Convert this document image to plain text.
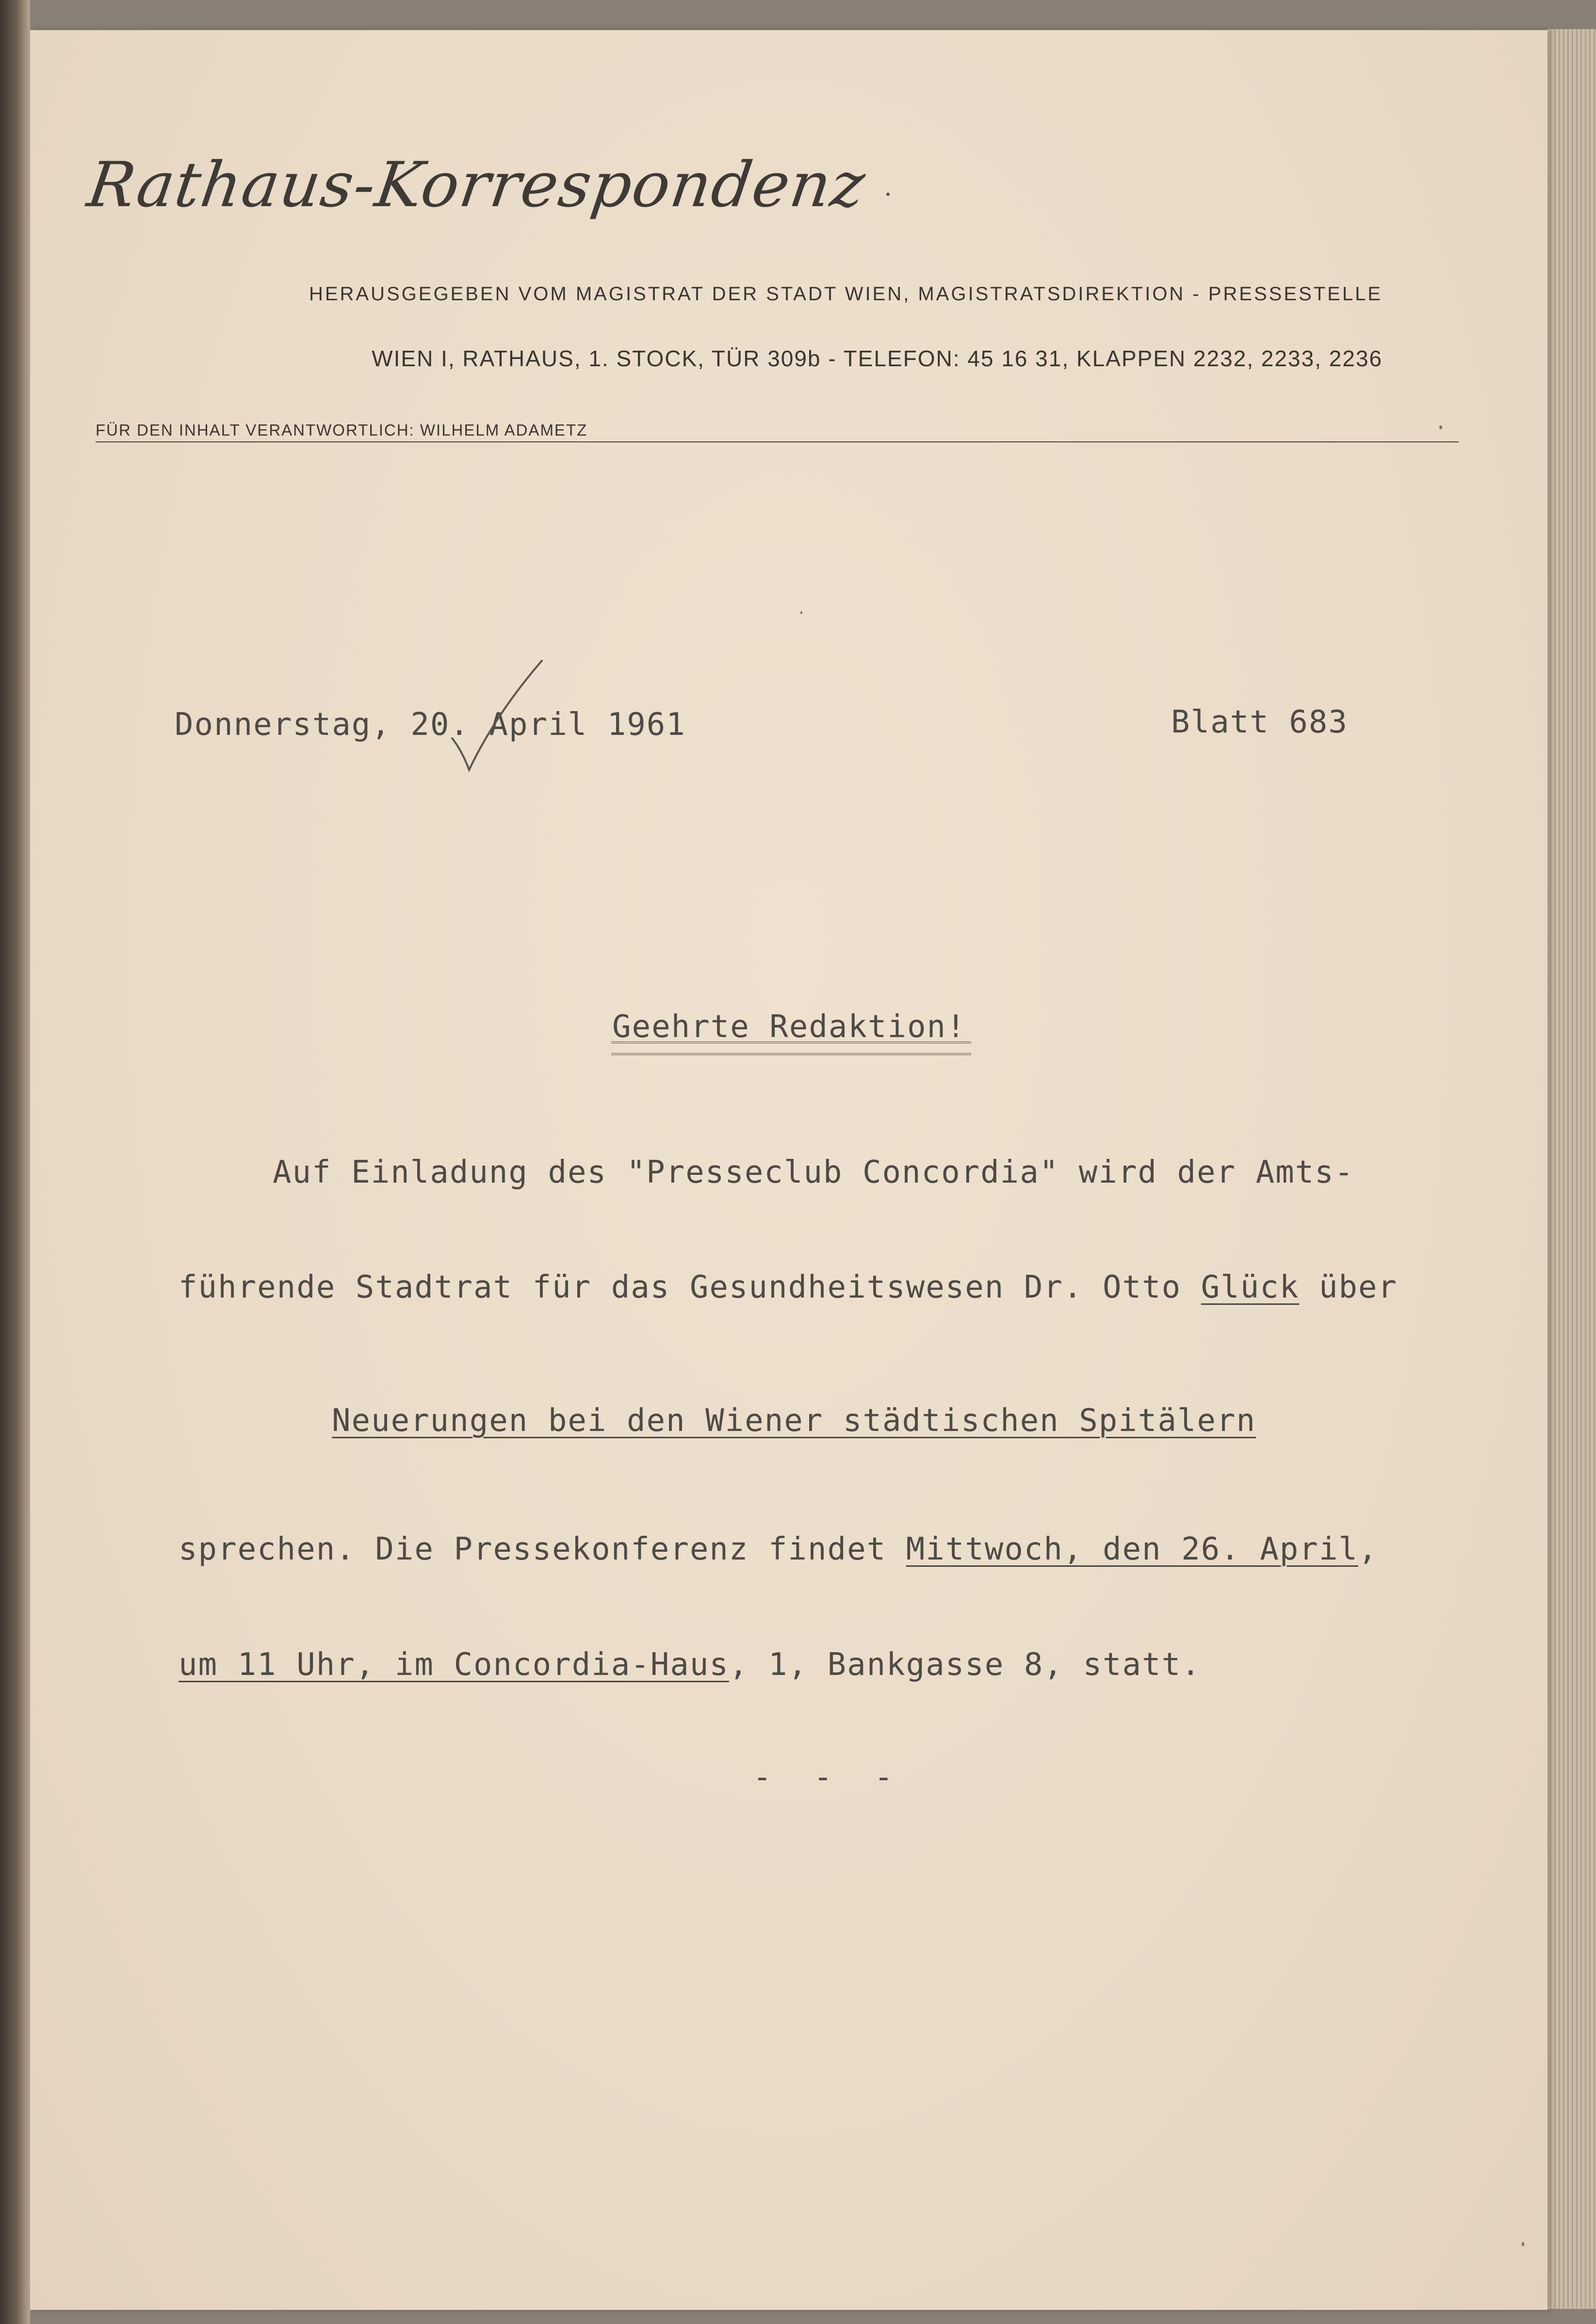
Rathaus-Korrespondenz
HERAUSGEGEBEN VOM MAGISTRAT DER STADT WIEN, MAGISTRATSDIREKTION - PRESSESTELLE
WIEN I, RATHAUS, 1. STOCK, TÜR 309b - TELEFON: 45 16 31, KLAPPEN 2232, 2233, 2236
FÜR DEN INHALT VERANTWORTLICH: WILHELM ADAMETZ
Donnerstag, 20. April 1961	Blatt 683
Geehrte Redaktion!
Auf Einladung des "Presseclub Concordia" wird der Amts-
führende Stadtrat für das Gesundheitswesen Dr. Otto Glück über
Neuerungen bei den Wiener städtischen Spitälern
sprechen. Die Pressekonferenz findet Mittwoch, den 26. April,
um 11 Uhr, im Concordia-Haus, 1, Bankgasse 8, statt.
- - -
